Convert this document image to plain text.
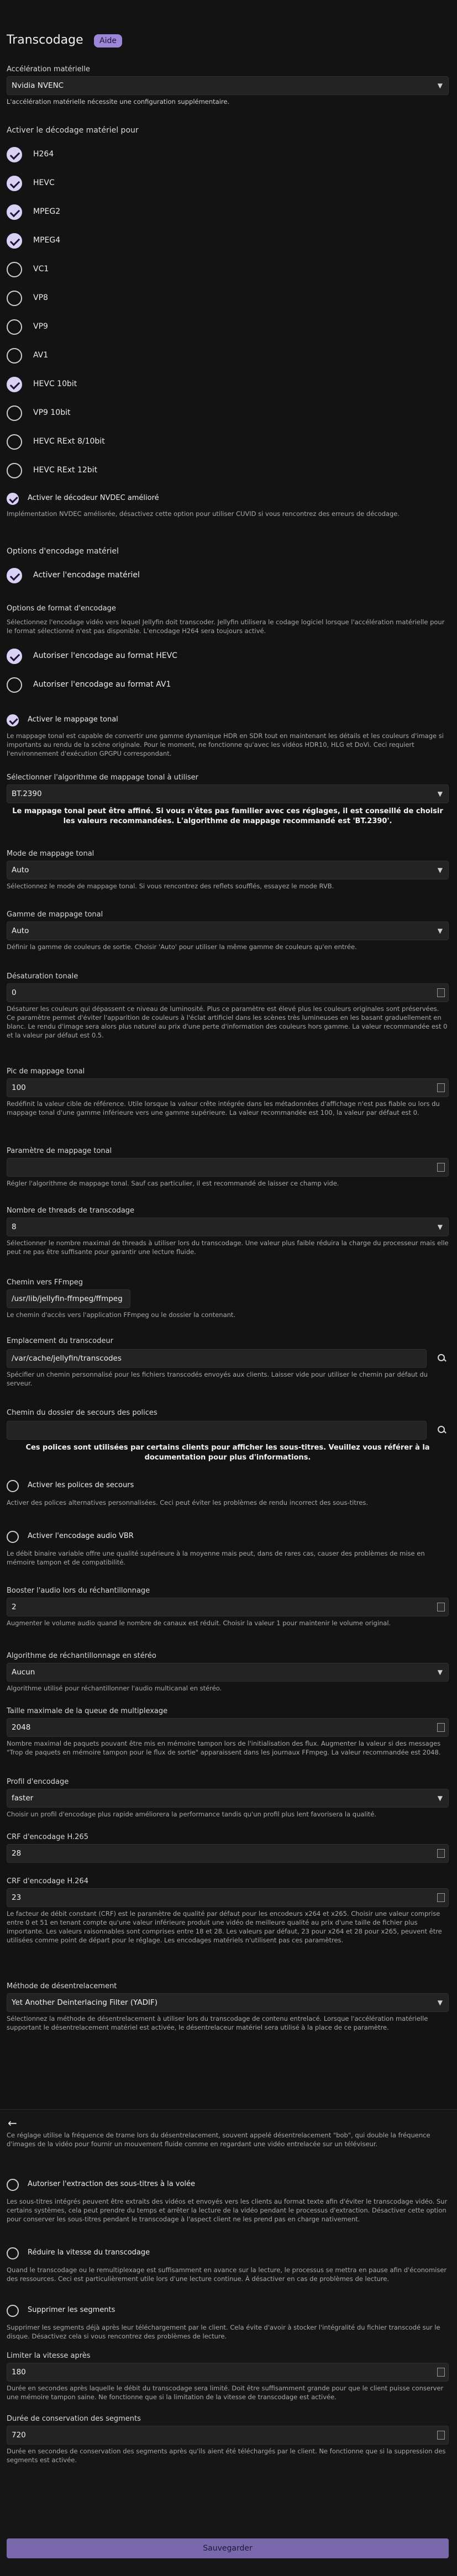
Transcodage	Aide
Accélération matérielle
Nvidia NVENC	▼
L'accélération matérielle nécessite une configuration supplémentaire.
Activer le décodage matériel pour
H264
HEVC
MPEG2
MPEG4
VC1
VP8
VP9
AV1
HEVC 10bit
VP9 10bit
HEVC RExt 8/10bit
HEVC RExt 12bit
Activer le décodeur NVDEC amélioré
Implémentation NVDEC améliorée, désactivez cette option pour utiliser CUVID si vous rencontrez des erreurs de décodage.
Options d'encodage matériel
Activer l'encodage matériel
Options de format d'encodage
Sélectionnez l'encodage vidéo vers lequel Jellyfin doit transcoder. Jellyfin utilisera le codage logiciel lorsque l'accélération matérielle pour le format sélectionné n'est pas disponible. L'encodage H264 sera toujours activé.
Autoriser l'encodage au format HEVC
Autoriser l'encodage au format AV1
Activer le mappage tonal
Le mappage tonal est capable de convertir une gamme dynamique HDR en SDR tout en maintenant les détails et les couleurs d'image si importants au rendu de la scène originale. Pour le moment, ne fonctionne qu'avec les vidéos HDR10, HLG et DoVi. Ceci requiert l'environnement d'exécution GPGPU correspondant.
Sélectionner l'algorithme de mappage tonal à utiliser
BT.2390	▼
Le mappage tonal peut être affiné. Si vous n'êtes pas familier avec ces réglages, il est conseillé de choisir les valeurs recommandées. L'algorithme de mappage recommandé est 'BT.2390'.
Mode de mappage tonal
Auto	▼
Sélectionnez le mode de mappage tonal. Si vous rencontrez des reflets soufflés, essayez le mode RVB.
Gamme de mappage tonal
Auto	▼
Définir la gamme de couleurs de sortie. Choisir 'Auto' pour utiliser la même gamme de couleurs qu'en entrée.
Désaturation tonale
0
Désaturer les couleurs qui dépassent ce niveau de luminosité. Plus ce paramètre est élevé plus les couleurs originales sont préservées. Ce paramètre permet d'éviter l'apparition de couleurs à l'éclat artificiel dans les scènes très lumineuses en les basant graduellement en blanc. Le rendu d'image sera alors plus naturel au prix d'une perte d'information des couleurs hors gamme. La valeur recommandée est 0 et la valeur par défaut est 0.5.
Pic de mappage tonal
100
Redéfinit la valeur cible de référence. Utile lorsque la valeur crête intégrée dans les métadonnées d'affichage n'est pas fiable ou lors du mappage tonal d'une gamme inférieure vers une gamme supérieure. La valeur recommandée est 100, la valeur par défaut est 0.
Paramètre de mappage tonal
Régler l'algorithme de mappage tonal. Sauf cas particulier, il est recommandé de laisser ce champ vide.
Nombre de threads de transcodage
8	▼
Sélectionner le nombre maximal de threads à utiliser lors du transcodage. Une valeur plus faible réduira la charge du processeur mais elle peut ne pas être suffisante pour garantir une lecture fluide.
Chemin vers FFmpeg
/usr/lib/jellyfin-ffmpeg/ffmpeg
Le chemin d'accès vers l'application FFmpeg ou le dossier la contenant.
Emplacement du transcodeur
/var/cache/jellyfin/transcodes
Spécifier un chemin personnalisé pour les fichiers transcodés envoyés aux clients. Laisser vide pour utiliser le chemin par défaut du serveur.
Chemin du dossier de secours des polices
Ces polices sont utilisées par certains clients pour afficher les sous-titres. Veuillez vous référer à la documentation pour plus d'informations.
Activer les polices de secours
Activer des polices alternatives personnalisées. Ceci peut éviter les problèmes de rendu incorrect des sous-titres.
Activer l'encodage audio VBR
Le débit binaire variable offre une qualité supérieure à la moyenne mais peut, dans de rares cas, causer des problèmes de mise en mémoire tampon et de compatibilité.
Booster l'audio lors du réchantillonnage
2
Augmenter le volume audio quand le nombre de canaux est réduit. Choisir la valeur 1 pour maintenir le volume original.
Algorithme de réchantillonnage en stéréo
Aucun	▼
Algorithme utilisé pour réchantillonner l'audio multicanal en stéréo.
Taille maximale de la queue de multiplexage
2048
Nombre maximal de paquets pouvant être mis en mémoire tampon lors de l'initialisation des flux. Augmenter la valeur si des messages "Trop de paquets en mémoire tampon pour le flux de sortie" apparaissent dans les journaux FFmpeg. La valeur recommandée est 2048.
Profil d'encodage
faster	▼
Choisir un profil d'encodage plus rapide améliorera la performance tandis qu'un profil plus lent favorisera la qualité.
CRF d'encodage H.265
28
CRF d'encodage H.264
23
Le facteur de débit constant (CRF) est le paramètre de qualité par défaut pour les encodeurs x264 et x265. Choisir une valeur comprise entre 0 et 51 en tenant compte qu'une valeur inférieure produit une vidéo de meilleure qualité au prix d'une taille de fichier plus importante. Les valeurs raisonnables sont comprises entre 18 et 28. Les valeurs par défaut, 23 pour x264 et 28 pour x265, peuvent être utilisées comme point de départ pour le réglage. Les encodages matériels n'utilisent pas ces paramètres.
Méthode de désentrelacement
Yet Another Deinterlacing Filter (YADIF)	▼
Sélectionnez la méthode de désentrelacement à utiliser lors du transcodage de contenu entrelacé. Lorsque l'accélération matérielle supportant le désentrelacement matériel est activée, le désentrelaceur matériel sera utilisé à la place de ce paramètre.
←
Ce réglage utilise la fréquence de trame lors du désentrelacement, souvent appelé désentrelacement "bob", qui double la fréquence d'images de la vidéo pour fournir un mouvement fluide comme en regardant une vidéo entrelacée sur un téléviseur.
Autoriser l'extraction des sous-titres à la volée
Les sous-titres intégrés peuvent être extraits des vidéos et envoyés vers les clients au format texte afin d'éviter le transcodage vidéo. Sur certains systèmes, cela peut prendre du temps et arrêter la lecture de la vidéo pendant le processus d'extraction. Désactiver cette option pour conserver les sous-titres pendant le transcodage à l'aspect client ne les prend pas en charge nativement.
Réduire la vitesse du transcodage
Quand le transcodage ou le remultiplexage est suffisamment en avance sur la lecture, le processus se mettra en pause afin d'économiser des ressources. Ceci est particulièrement utile lors d'une lecture continue. À désactiver en cas de problèmes de lecture.
Supprimer les segments
Supprimer les segments déjà après leur téléchargement par le client. Cela évite d'avoir à stocker l'intégralité du fichier transcodé sur le disque. Désactivez cela si vous rencontrez des problèmes de lecture.
Limiter la vitesse après
180
Durée en secondes après laquelle le débit du transcodage sera limité. Doit être suffisamment grande pour que le client puisse conserver une mémoire tampon saine. Ne fonctionne que si la limitation de la vitesse de transcodage est activée.
Durée de conservation des segments
720
Durée en secondes de conservation des segments après qu'ils aient été téléchargés par le client. Ne fonctionne que si la suppression des segments est activée.
Sauvegarder
